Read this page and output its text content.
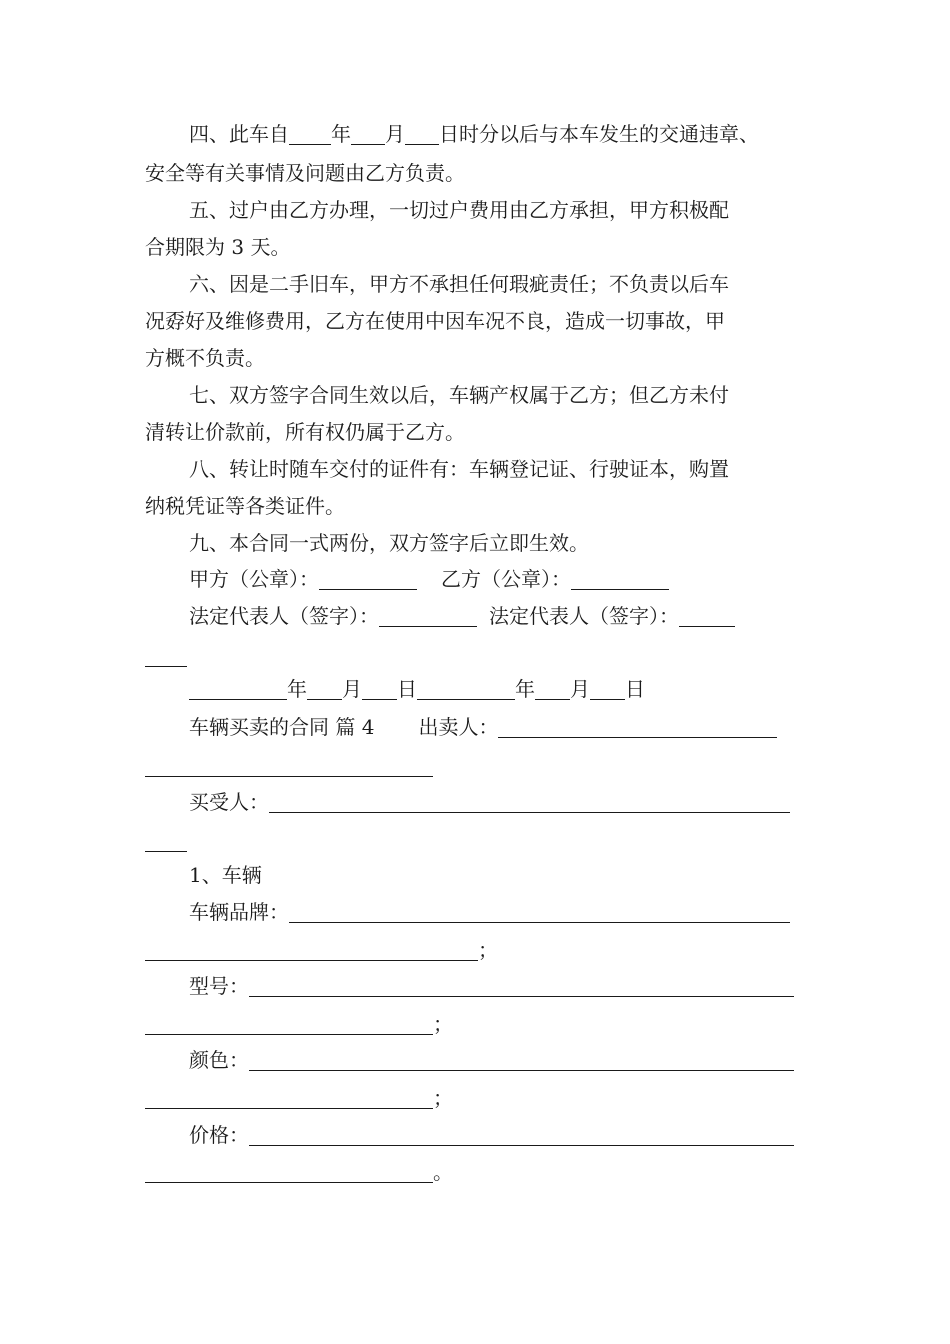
四、此车自 年 月 日时分以后与本车发生的交通违章、
安全等有关事情及问题由乙方负责。
五、过户由乙方办理，一切过户费用由乙方承担，甲方积极配
合期限为 3 天。
六、因是二手旧车，甲方不承担任何瑕疵责任；不负责以后车
况孬好及维修费用，乙方在使用中因车况不良，造成一切事故，甲
方概不负责。
七、双方签字合同生效以后，车辆产权属于乙方；但乙方未付
清转让价款前，所有权仍属于乙方。
八、转让时随车交付的证件有：车辆登记证、行驶证本，购置
纳税凭证等各类证件。
九、本合同一式两份，双方签字后立即生效。
甲方（公章）：	乙方（公章）：
法定代表人（签字）：	法定代表人（签字）：
年 月 日	年 月 日
车辆买卖的合同 篇 4 出卖人：
买受人：
1、车辆
车辆品牌：
；
型号：
；
颜色：
；
价格：
。
